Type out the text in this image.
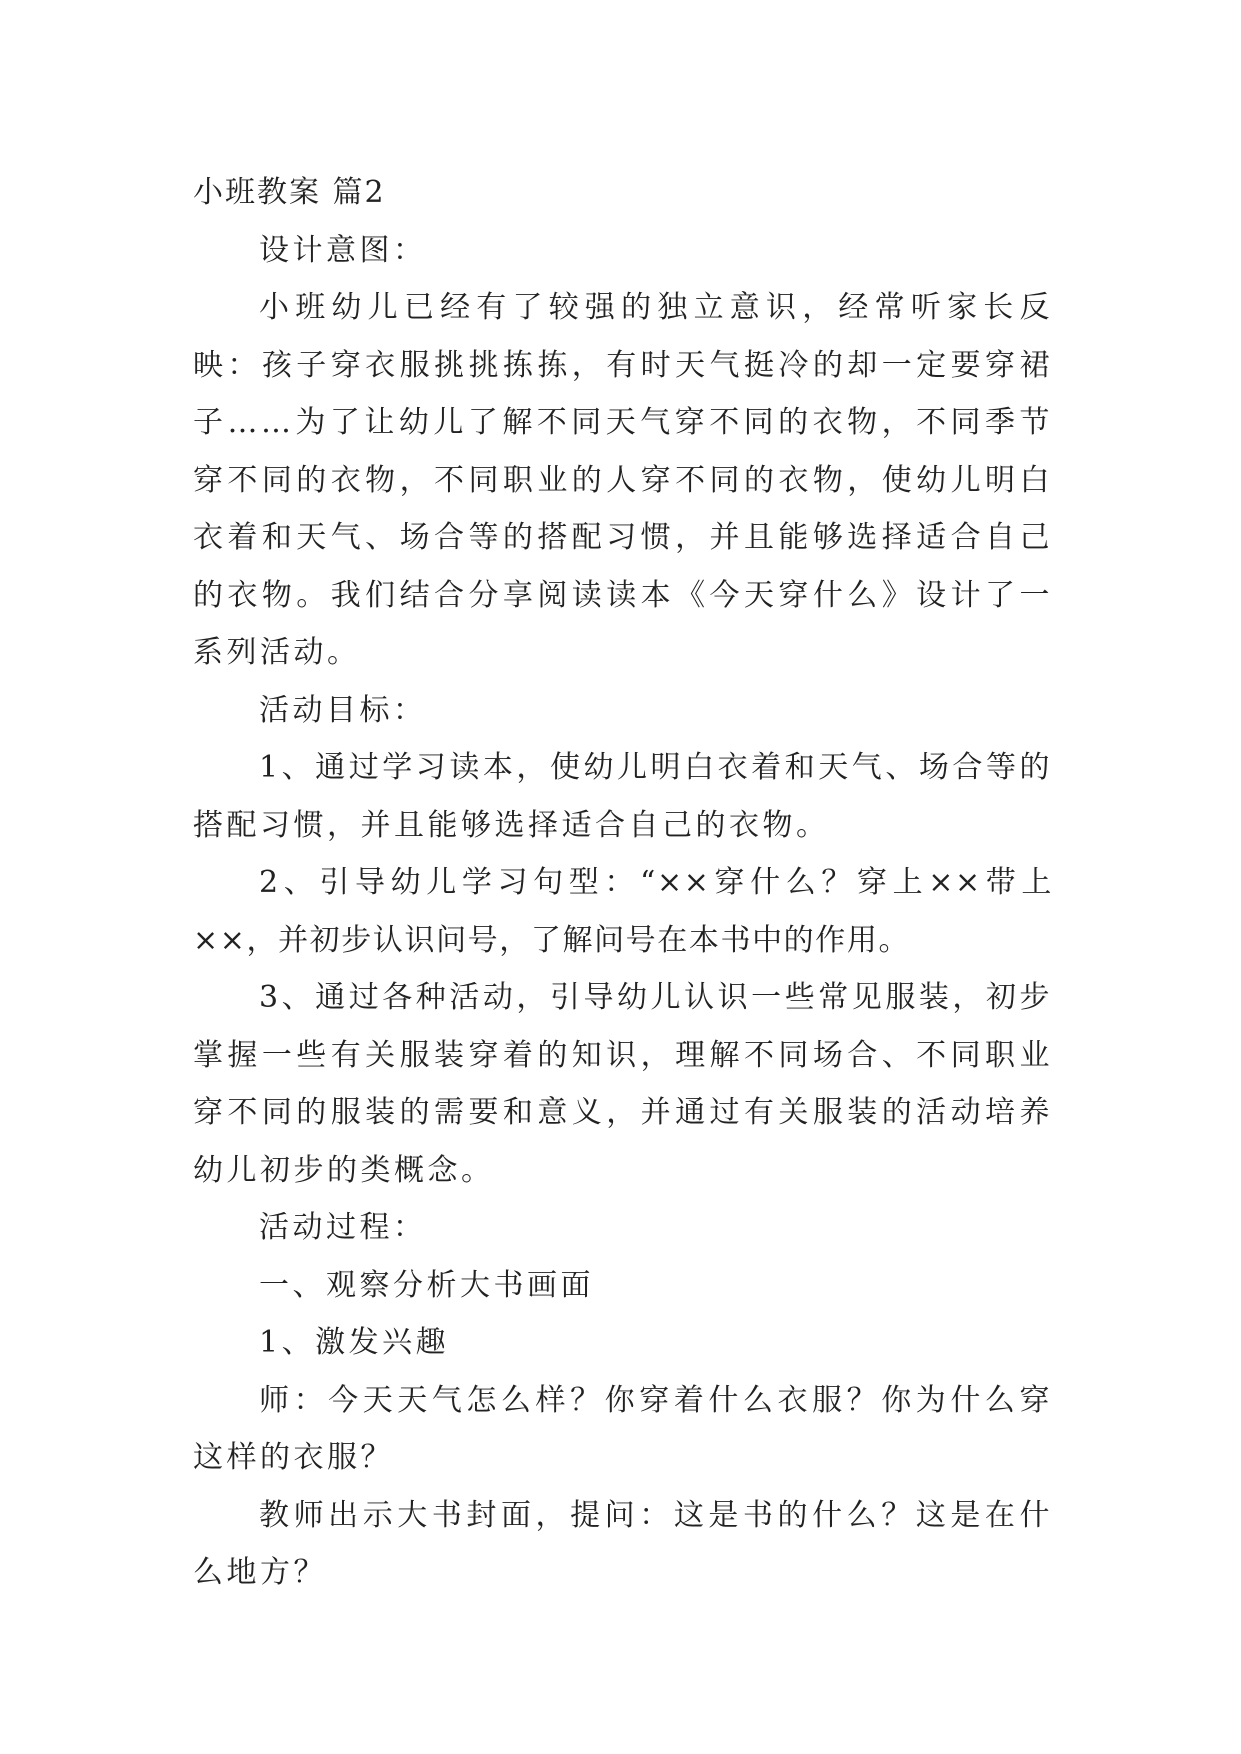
小班教案 篇2

设计意图：

小班幼儿已经有了较强的独立意识，经常听家长反映：孩子穿衣服挑挑拣拣，有时天气挺冷的却一定要穿裙子……为了让幼儿了解不同天气穿不同的衣物，不同季节穿不同的衣物，不同职业的人穿不同的衣物，使幼儿明白衣着和天气、场合等的搭配习惯，并且能够选择适合自己的衣物。我们结合分享阅读读本《今天穿什么》设计了一系列活动。

活动目标：

1、通过学习读本，使幼儿明白衣着和天气、场合等的搭配习惯，并且能够选择适合自己的衣物。

2、引导幼儿学习句型：“××穿什么？穿上××带上××，并初步认识问号，了解问号在本书中的作用。

3、通过各种活动，引导幼儿认识一些常见服装，初步掌握一些有关服装穿着的知识，理解不同场合、不同职业穿不同的服装的需要和意义，并通过有关服装的活动培养幼儿初步的类概念。

活动过程：

一、观察分析大书画面

1、激发兴趣

师：今天天气怎么样？你穿着什么衣服？你为什么穿这样的衣服？

教师出示大书封面，提问：这是书的什么？这是在什么地方？
